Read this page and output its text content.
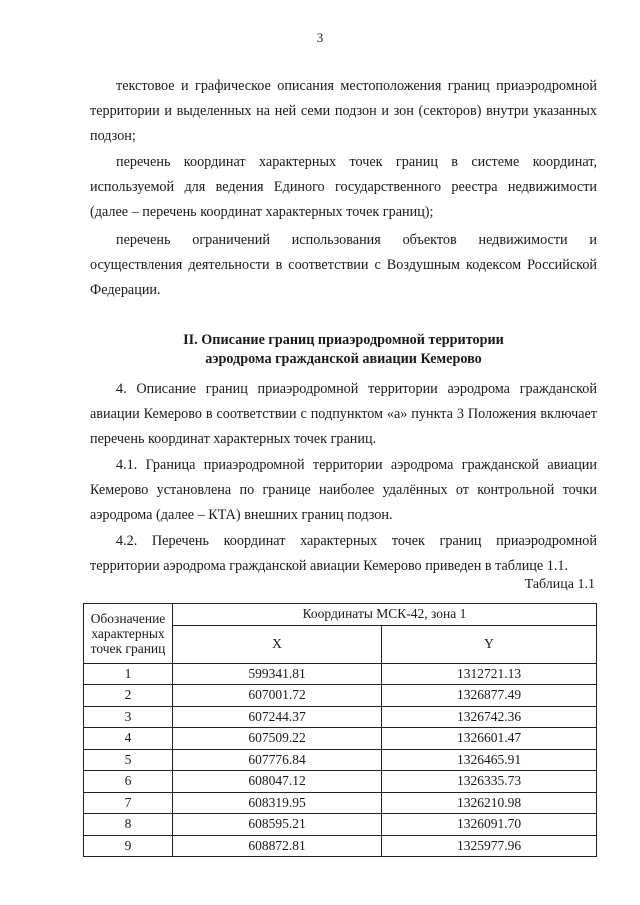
3

текстовое и графическое описания местоположения границ приаэродромной территории и выделенных на ней семи подзон и зон (секторов) внутри указанных подзон;

перечень координат характерных точек границ в системе координат, используемой для ведения Единого государственного реестра недвижимости (далее – перечень координат характерных точек границ);

перечень ограничений использования объектов недвижимости и осуществления деятельности в соответствии с Воздушным кодексом Российской Федерации.

II. Описание границ приаэродромной территории
аэродрома гражданской авиации Кемерово

4. Описание границ приаэродромной территории аэродрома гражданской авиации Кемерово в соответствии с подпунктом «а» пункта 3 Положения включает перечень координат характерных точек границ.

4.1. Граница приаэродромной территории аэродрома гражданской авиации Кемерово установлена по границе наиболее удалённых от контрольной точки аэродрома (далее – КТА) внешних границ подзон.

4.2. Перечень координат характерных точек границ приаэродромной территории аэродрома гражданской авиации Кемерово приведен в таблице 1.1.

Таблица 1.1
Обозначение характерных точек границ	Координаты МСК-42, зона 1	
	X	Y
1	599341.81	1312721.13
2	607001.72	1326877.49
3	607244.37	1326742.36
4	607509.22	1326601.47
5	607776.84	1326465.91
6	608047.12	1326335.73
7	608319.95	1326210.98
8	608595.21	1326091.70
9	608872.81	1325977.96
